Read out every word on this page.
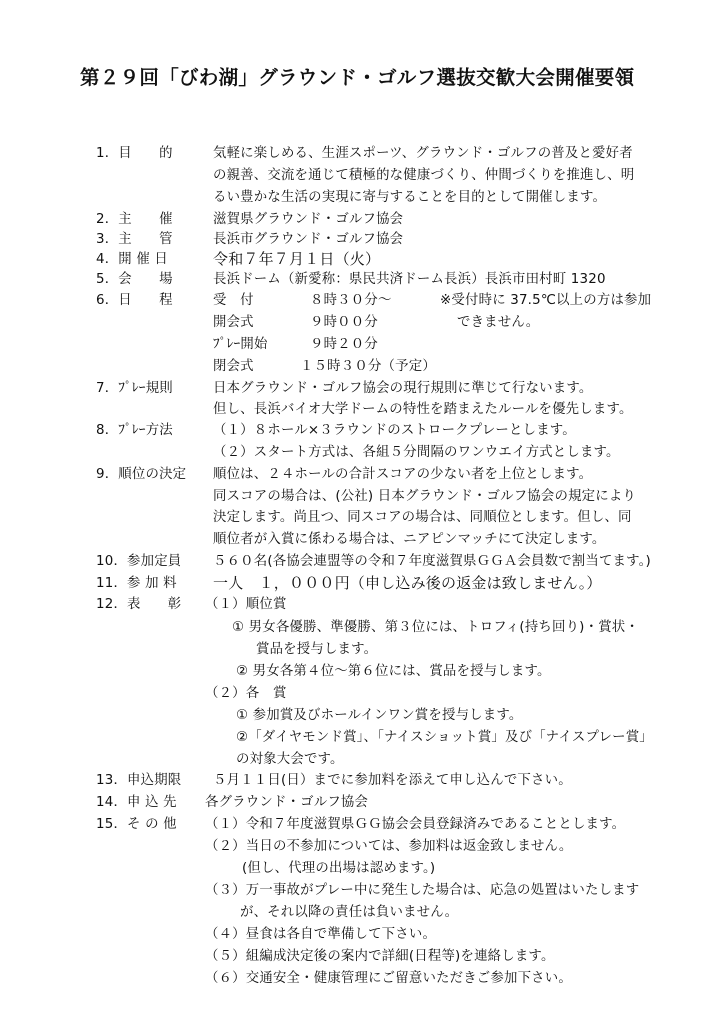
第２９回「びわ湖」グラウンド・ゴルフ選抜交歓大会開催要領
1．目　　的	気軽に楽しめる、生涯スポーツ、グラウンド・ゴルフの普及と愛好者
の親善、交流を通じて積極的な健康づくり、仲間づくりを推進し、明
るい豊かな生活の実現に寄与することを目的として開催します。
2．主　　催	滋賀県グラウンド・ゴルフ協会
3．主　　管	長浜市グラウンド・ゴルフ協会
4．開 催 日	令和７年７月１日（火）
5．会　　場	長浜ドーム（新愛称：県民共済ドーム長浜）長浜市田村町 1320
6．日　　程	受　付	８時３０分～
開会式	９時００分
ﾌﾟﾚｰ開始	９時２０分
閉会式	１５時３０分（予定）
※受付時に 37.5℃以上の方は参加
できません。
7．ﾌﾟﾚｰ規則	日本グラウンド・ゴルフ協会の現行規則に準じて行ないます。
但し、長浜バイオ大学ドームの特性を踏まえたルールを優先します。
8．ﾌﾟﾚｰ方法	（１）８ホール×３ラウンドのストロークプレーとします。
（２）スタート方式は、各組５分間隔のワンウエイ方式とします。
9．順位の決定 順位は、２４ホールの合計スコアの少ない者を上位とします。
同スコアの場合は、(公社) 日本グラウンド・ゴルフ協会の規定により
決定します。尚且つ、同スコアの場合は、同順位とします。但し、同
順位者が入賞に係わる場合は、ニアピンマッチにて決定します。
10．参加定員 ５６０名(各協会連盟等の令和７年度滋賀県ＧＧＡ会員数で割当てます。)
11．参 加 料 一人　１，０００円（申し込み後の返金は致しません。）
12．表　　彰 （１）順位賞
① 男女各優勝、準優勝、第３位には、トロフィ(持ち回り)・賞状・
賞品を授与します。
② 男女各第４位～第６位には、賞品を授与します。
（２）各　賞
① 参加賞及びホールインワン賞を授与します。
②「ダイヤモンド賞」、「ナイスショット賞」及び「ナイスプレー賞」
の対象大会です。
13．申込期限 ５月１１日(日）までに参加料を添えて申し込んで下さい。
14．申 込 先 各グラウンド・ゴルフ協会
15．そ の 他 （１）令和７年度滋賀県ＧＧ協会会員登録済みであることとします。
（２）当日の不参加については、参加料は返金致しません。
(但し、代理の出場は認めます。)
（３）万一事故がプレー中に発生した場合は、応急の処置はいたします
が、それ以降の責任は負いません。
（４）昼食は各自で準備して下さい。
（５）組編成決定後の案内で詳細(日程等)を連絡します。
（６）交通安全・健康管理にご留意いただきご参加下さい。
